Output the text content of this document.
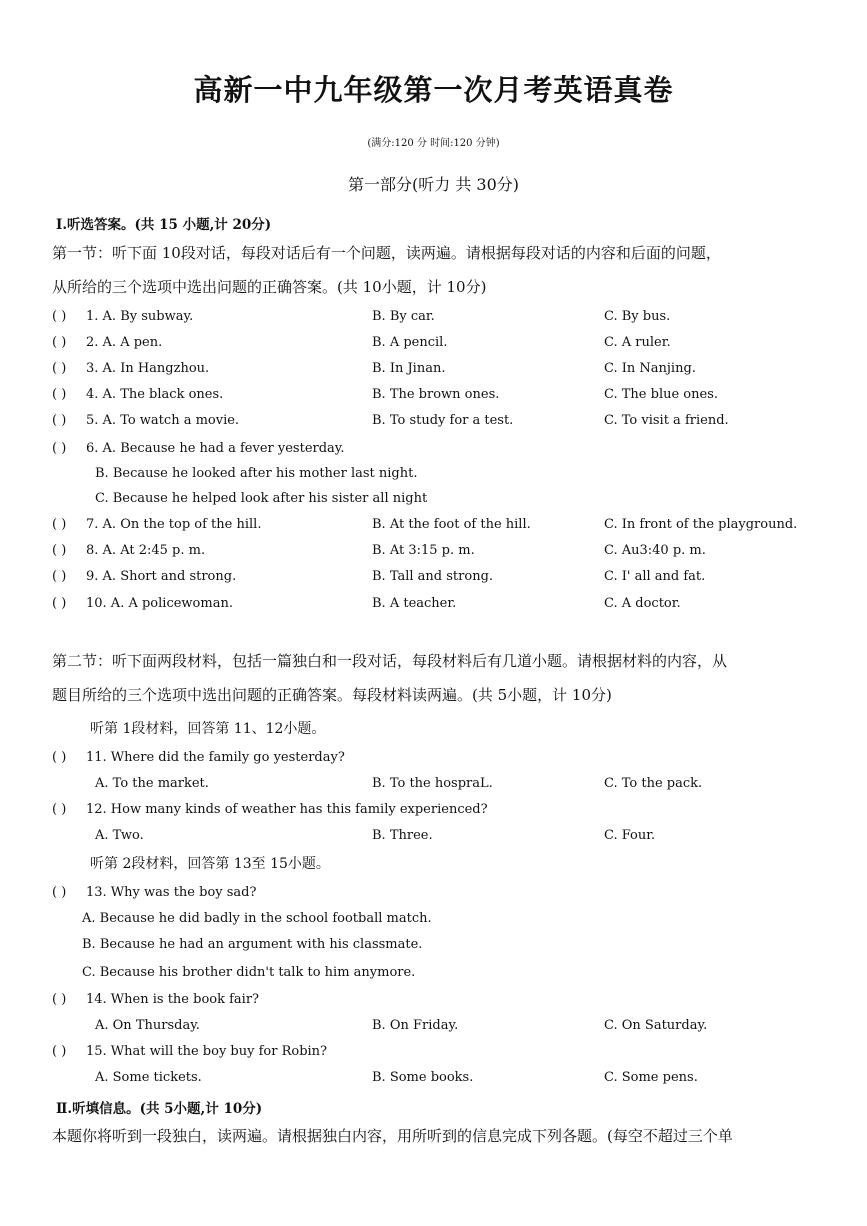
高新一中九年级第一次月考英语真卷
(满分:120 分 时间:120 分钟)
第一部分(听力 共 30分)
Ⅰ.听选答案。(共 15 小题,计 20分)
第一节：听下面 10段对话，每段对话后有一个问题，读两遍。请根据每段对话的内容和后面的问题，
从所给的三个选项中选出问题的正确答案。(共 10小题，计 10分)
( ) 1. A. By subway.	B. By car.	C. By bus.
( ) 2. A. A pen.	B. A pencil.	C. A ruler.
( ) 3. A. In Hangzhou.	B. In Jinan.	C. In Nanjing.
( ) 4. A. The black ones.	B. The brown ones.	C. The blue ones.
( ) 5. A. To watch a movie.	B. To study for a test.	C. To visit a friend.
( ) 6. A. Because he had a fever yesterday.
B. Because he looked after his mother last night.
C. Because he helped look after his sister all night
( ) 7. A. On the top of the hill.	B. At the foot of the hill.	C. In front of the playground.
( ) 8. A. At 2:45 p. m.	B. At 3:15 p. m.	C. Au3:40 p. m.
( ) 9. A. Short and strong.	B. Tall and strong.	C. I' all and fat.
( ) 10. A. A policewoman.	B. A teacher.	C. A doctor.
第二节：听下面两段材料，包括一篇独白和一段对话，每段材料后有几道小题。请根据材料的内容，从
题目所给的三个选项中选出问题的正确答案。每段材料读两遍。(共 5小题，计 10分)
听第 1段材料，回答第 11、12小题。
( ) 11. Where did the family go yesterday?
A. To the market.	B. To the hospraL.	C. To the pack.
( ) 12. How many kinds of weather has this family experienced?
A. Two.	B. Three.	C. Four.
听第 2段材料，回答第 13至 15小题。
( ) 13. Why was the boy sad?
A. Because he did badly in the school football match.
B. Because he had an argument with his classmate.
C. Because his brother didn't talk to him anymore.
( ) 14. When is the book fair?
A. On Thursday.	B. On Friday.	C. On Saturday.
( ) 15. What will the boy buy for Robin?
A. Some tickets.	B. Some books.	C. Some pens.
Ⅱ.听填信息。(共 5小题,计 10分)
本题你将听到一段独白，读两遍。请根据独白内容，用所听到的信息完成下列各题。(每空不超过三个单
